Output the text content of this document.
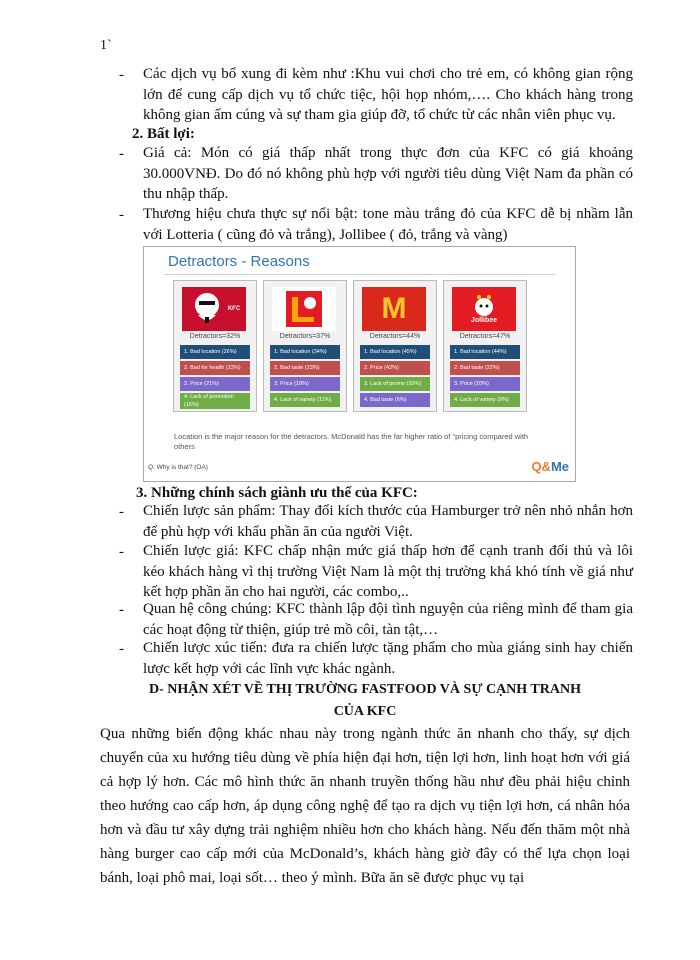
1`
- Các dịch vụ bổ xung đi kèm như :Khu vui chơi cho trẻ em, có không gian rộng lớn để cung cấp dịch vụ tổ chức tiệc, hội họp nhóm,…. Cho khách hàng trong không gian ấm cúng và sự tham gia giúp đỡ, tổ chức từ các nhân viên phục vụ.
2. Bất lợi:
- Giá cả: Món có giá thấp nhất trong thực đơn của KFC có giá khoảng 30.000VNĐ. Do đó nó không phù hợp với người tiêu dùng Việt Nam đa phần có thu nhập thấp.
- Thương hiệu chưa thực sự nổi bật: tone màu trắng đỏ của KFC dễ bị nhầm lẫn với Lotteria ( cũng đỏ và trắng), Jollibee ( đỏ, trắng và vàng)
Detractors - Reasons
KFC
Detractors=32%
1. Bad location (26%)
2. Bad for health (23%)
3. Price (21%)
4. Lack of promotion (16%)
Detractors=37%
1. Bad location (34%)
2. Bad taste (23%)
3. Price (18%)
4. Lack of variety (11%)
M
Detractors=44%
1. Bad location (45%)
2. Price (42%)
3. Lack of promo (10%)
4. Bad taste (6%)
Jollibee
Detractors=47%
1. Bad location (44%)
2. Bad taste (22%)
3. Price (10%)
4. Lack of variety (9%)
Location is the major reason for the detractors. McDonald has the far higher ratio of "pricing compared with others
Q. Why is that? (OA)	Q&Me
3. Những chính sách giành ưu thế của KFC:
- Chiến lược sản phẩm: Thay đổi kích thước của Hamburger trở nên nhỏ nhắn hơn để phù hợp với khẩu phần ăn của người Việt.
- Chiến lược giá: KFC chấp nhận mức giá thấp hơn để cạnh tranh đối thủ và lôi kéo khách hàng vì thị trường Việt Nam là một thị trường khá khó tính về giá như kết hợp phần ăn cho hai người, các combo,..
- Quan hệ công chúng: KFC thành lập đội tình nguyện của riêng mình để tham gia các hoạt động từ thiện, giúp trẻ mồ côi, tàn tật,…
- Chiến lược xúc tiến: đưa ra chiến lược tặng phẩm cho mùa giáng sinh hay chiến lược kết hợp với các lĩnh vực khác ngành.
D- NHẬN XÉT VỀ THỊ TRƯỜNG FASTFOOD VÀ SỰ CẠNH TRANH
CỦA KFC
Qua những biến động khác nhau này trong ngành thức ăn nhanh cho thấy, sự dịch chuyển của xu hướng tiêu dùng về phía hiện đại hơn, tiện lợi hơn, linh hoạt hơn với giá cả hợp lý hơn. Các mô hình thức ăn nhanh truyền thống hầu như đều phải hiệu chỉnh theo hướng cao cấp hơn, áp dụng công nghệ để tạo ra dịch vụ tiện lợi hơn, cá nhân hóa hơn và đầu tư xây dựng trải nghiệm nhiều hơn cho khách hàng. Nếu đến thăm một nhà hàng burger cao cấp mới của McDonald’s, khách hàng giờ đây có thể lựa chọn loại bánh, loại phô mai, loại sốt… theo ý mình. Bữa ăn sẽ được phục vụ tại
